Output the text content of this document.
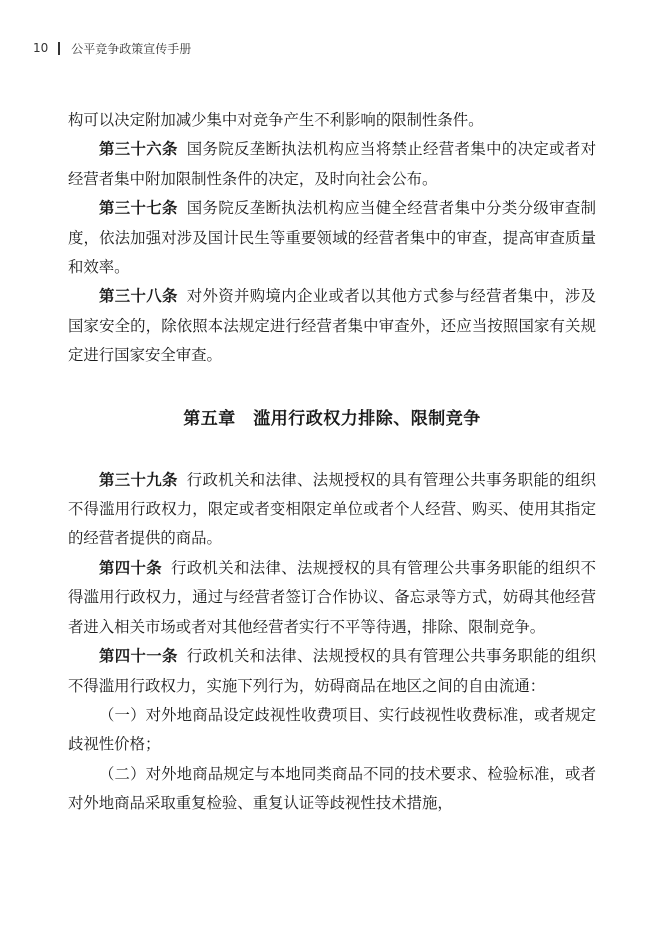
10 公平竞争政策宣传手册

构可以决定附加减少集中对竞争产生不利影响的限制性条件。

第三十六条 国务院反垄断执法机构应当将禁止经营者集中的决定或者对经营者集中附加限制性条件的决定，及时向社会公布。

第三十七条 国务院反垄断执法机构应当健全经营者集中分类分级审查制度，依法加强对涉及国计民生等重要领域的经营者集中的审查，提高审查质量和效率。

第三十八条 对外资并购境内企业或者以其他方式参与经营者集中，涉及国家安全的，除依照本法规定进行经营者集中审查外，还应当按照国家有关规定进行国家安全审查。

第五章　滥用行政权力排除、限制竞争

第三十九条 行政机关和法律、法规授权的具有管理公共事务职能的组织不得滥用行政权力，限定或者变相限定单位或者个人经营、购买、使用其指定的经营者提供的商品。

第四十条 行政机关和法律、法规授权的具有管理公共事务职能的组织不得滥用行政权力，通过与经营者签订合作协议、备忘录等方式，妨碍其他经营者进入相关市场或者对其他经营者实行不平等待遇，排除、限制竞争。

第四十一条 行政机关和法律、法规授权的具有管理公共事务职能的组织不得滥用行政权力，实施下列行为，妨碍商品在地区之间的自由流通：

（一）对外地商品设定歧视性收费项目、实行歧视性收费标准，或者规定歧视性价格；

（二）对外地商品规定与本地同类商品不同的技术要求、检验标准，或者对外地商品采取重复检验、重复认证等歧视性技术措施，
